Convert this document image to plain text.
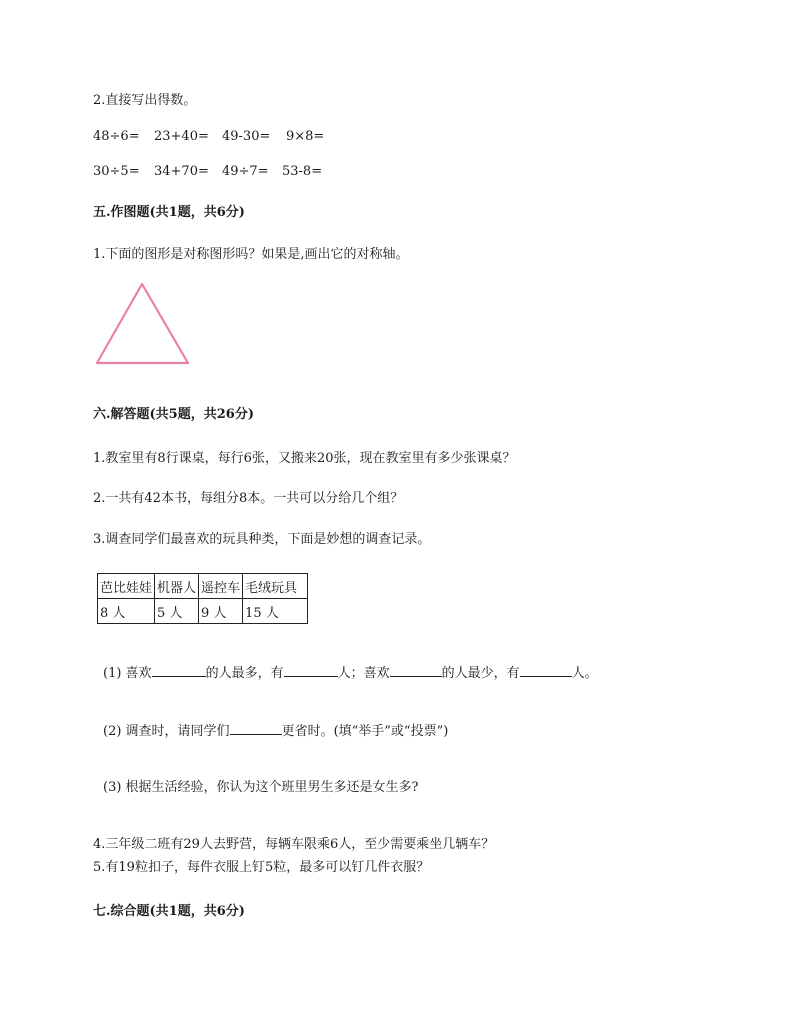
2.直接写出得数。
48÷6= 23+40= 49-30= 9×8=
30÷5= 34+70= 49÷7= 53-8=
五.作图题(共1题，共6分)
1.下面的图形是对称图形吗？如果是,画出它的对称轴。
六.解答题(共5题，共26分)
1.教室里有8行课桌，每行6张，又搬来20张，现在教室里有多少张课桌？
2.一共有42本书，每组分8本。一共可以分给几个组？
3.调查同学们最喜欢的玩具种类，下面是妙想的调查记录。
芭比娃娃	机器人	遥控车	毛绒玩具
8 人	5 人	9 人	15 人
(1) 喜欢	的人最多，有	人；喜欢	的人最少，有	人。
(2) 调查时，请同学们	更省时。(填“举手”或“投票”)
(3) 根据生活经验，你认为这个班里男生多还是女生多?
4.三年级二班有29人去野营，每辆车限乘6人，至少需要乘坐几辆车？
5.有19粒扣子，每件衣服上钉5粒，最多可以钉几件衣服？
七.综合题(共1题，共6分)
